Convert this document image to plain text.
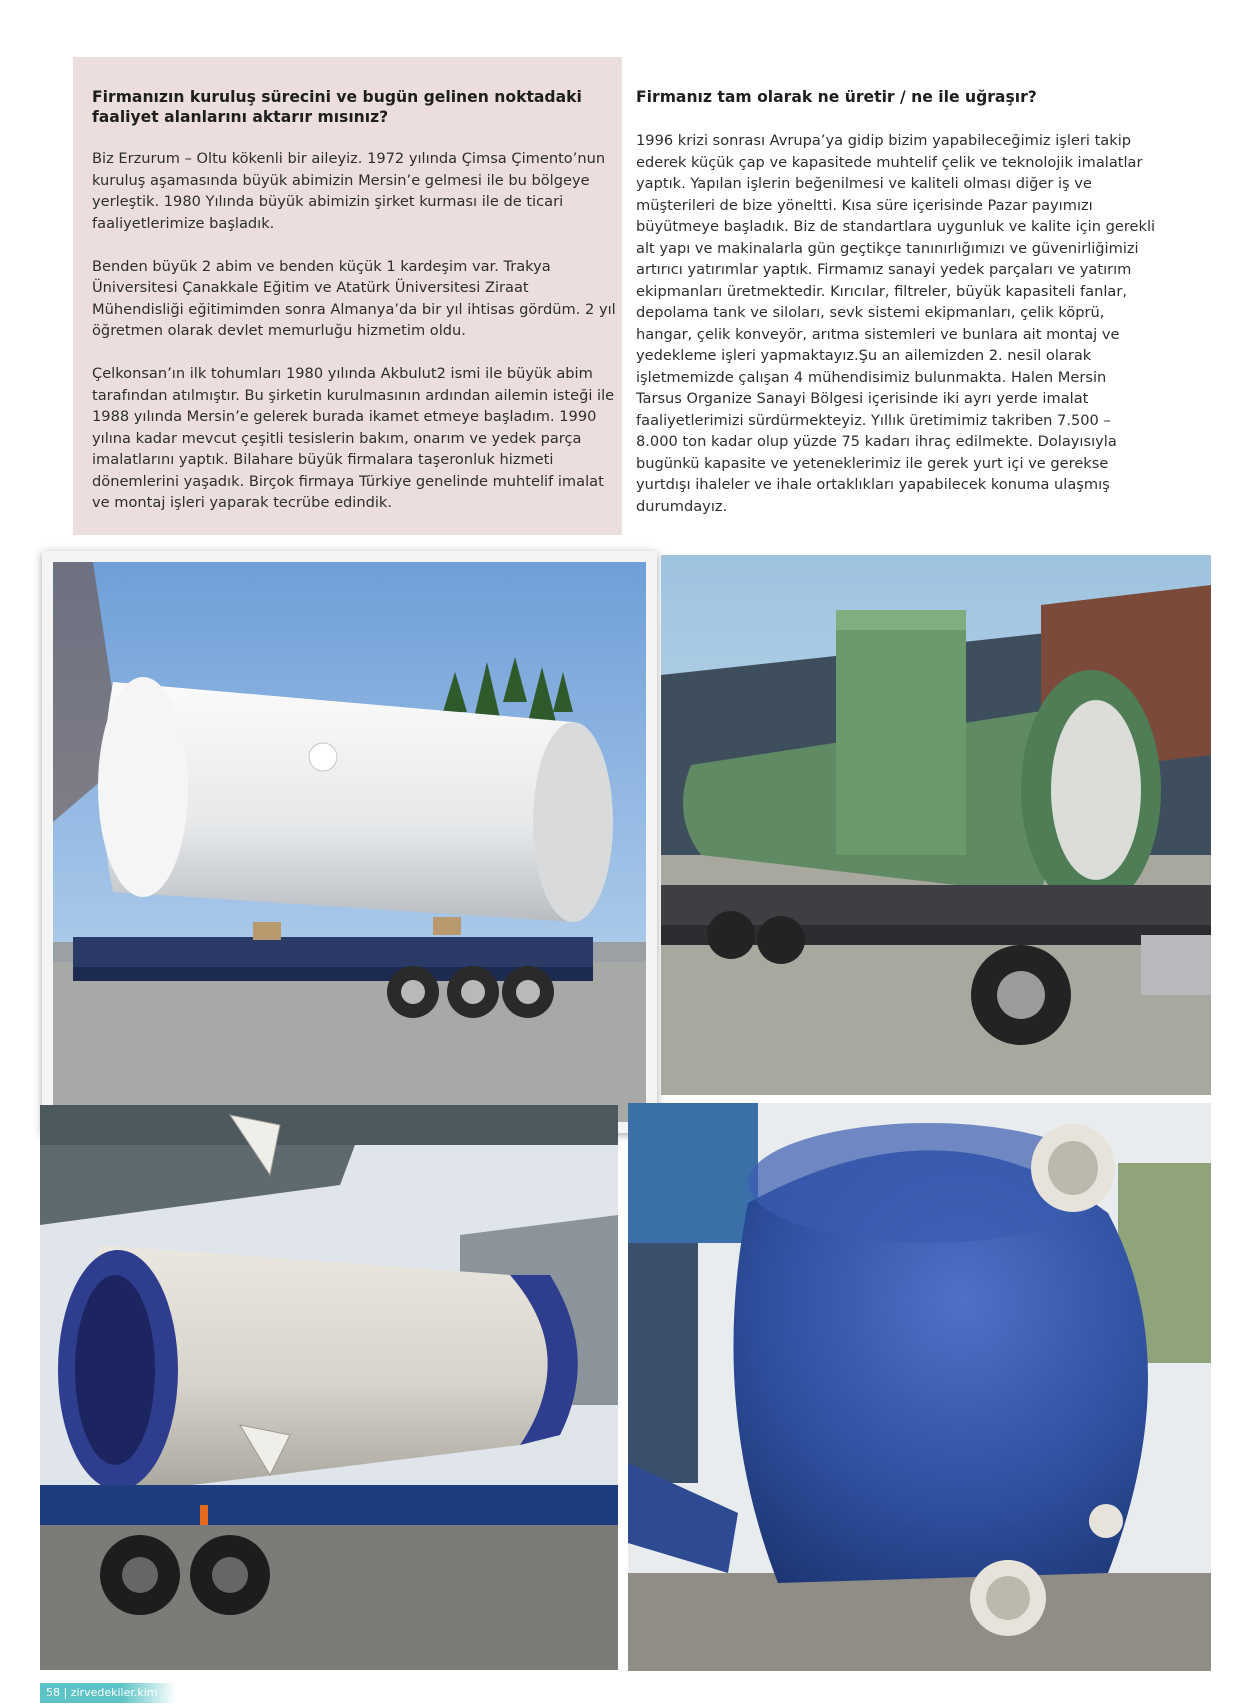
Firmanızın kuruluş sürecini ve bugün gelinen noktadaki faaliyet alanlarını aktarır mısınız?

Biz Erzurum – Oltu kökenli bir aileyiz. 1972 yılında Çimsa Çimento’nun kuruluş aşamasında büyük abimizin Mersin’e gelmesi ile bu bölgeye yerleştik. 1980 Yılında büyük abimizin şirket kurması ile de ticari faaliyetlerimize başladık.

Benden büyük 2 abim ve benden küçük 1 kardeşim var. Trakya Üniversitesi Çanakkale Eğitim ve Atatürk Üniversitesi Ziraat Mühendisliği eğitimimden sonra Almanya’da bir yıl ihtisas gördüm. 2 yıl öğretmen olarak devlet memurluğu hizmetim oldu.

Çelkonsan’ın ilk tohumları 1980 yılında Akbulut2 ismi ile büyük abim tarafından atılmıştır. Bu şirketin kurulmasının ardından ailemin isteği ile 1988 yılında Mersin’e gelerek burada ikamet etmeye başladım. 1990 yılına kadar mevcut çeşitli tesislerin bakım, onarım ve yedek parça imalatlarını yaptık. Bilahare büyük firmalara taşeronluk hizmeti dönemlerini yaşadık. Birçok firmaya Türkiye genelinde muhtelif imalat ve montaj işleri yaparak tecrübe edindik.

Firmanız tam olarak ne üretir / ne ile uğraşır?

1996 krizi sonrası Avrupa’ya gidip bizim yapabileceğimiz işleri takip ederek küçük çap ve kapasitede muhtelif çelik ve teknolojik imalatlar yaptık. Yapılan işlerin beğenilmesi ve kaliteli olması diğer iş ve müşterileri de bize yöneltti. Kısa süre içerisinde Pazar payımızı büyütmeye başladık. Biz de standartlara uygunluk ve kalite için gerekli alt yapı ve makinalarla gün geçtikçe tanınırlığımızı ve güvenirliğimizi artırıcı yatırımlar yaptık. Firmamız sanayi yedek parçaları ve yatırım ekipmanları üretmektedir. Kırıcılar, filtreler, büyük kapasiteli fanlar, depolama tank ve siloları, sevk sistemi ekipmanları, çelik köprü, hangar, çelik konveyör, arıtma sistemleri ve bunlara ait montaj ve yedekleme işleri yapmaktayız.Şu an ailemizden 2. nesil olarak işletmemizde çalışan 4 mühendisimiz bulunmakta. Halen Mersin Tarsus Organize Sanayi Bölgesi içerisinde iki ayrı yerde imalat faaliyetlerimizi sürdürmekteyiz. Yıllık üretimimiz takriben 7.500 – 8.000 ton kadar olup yüzde 75 kadarı ihraç edilmekte. Dolayısıyla bugünkü kapasite ve yeteneklerimiz ile gerek yurt içi ve gerekse yurtdışı ihaleler ve ihale ortaklıkları yapabilecek konuma ulaşmış durumdayız.

58 | zirvedekiler.kim
